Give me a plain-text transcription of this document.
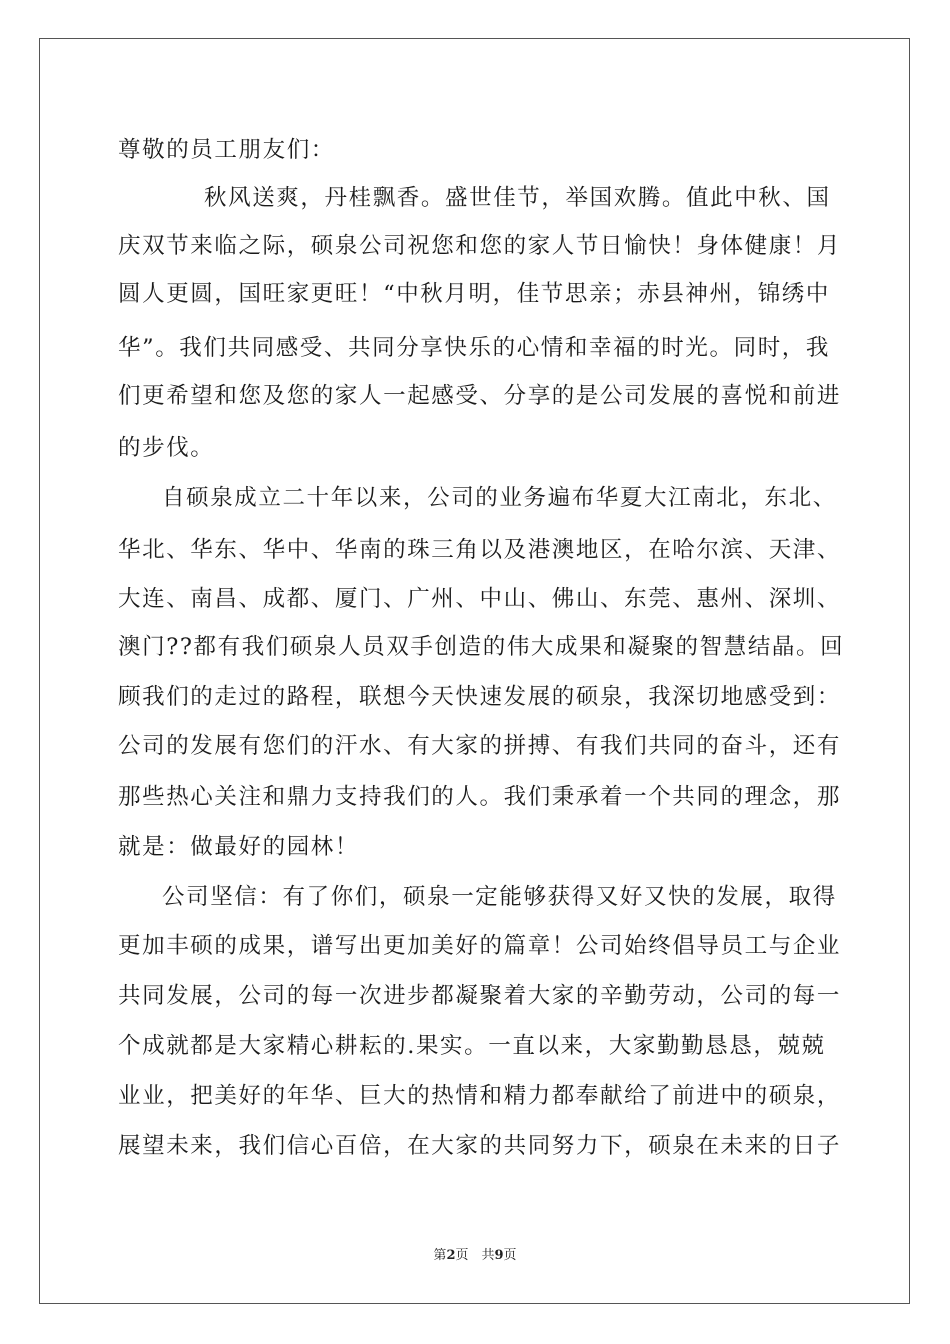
尊敬的员工朋友们：

秋风送爽，丹桂飘香。盛世佳节，举国欢腾。值此中秋、国

庆双节来临之际，硕泉公司祝您和您的家人节日愉快！身体健康！月

圆人更圆，国旺家更旺！“中秋月明，佳节思亲；赤县神州，锦绣中

华”。我们共同感受、共同分享快乐的心情和幸福的时光。同时，我

们更希望和您及您的家人一起感受、分享的是公司发展的喜悦和前进

的步伐。

自硕泉成立二十年以来，公司的业务遍布华夏大江南北，东北、

华北、华东、华中、华南的珠三角以及港澳地区，在哈尔滨、天津、

大连、南昌、成都、厦门、广州、中山、佛山、东莞、惠州、深圳、

澳门??都有我们硕泉人员双手创造的伟大成果和凝聚的智慧结晶。回

顾我们的走过的路程，联想今天快速发展的硕泉，我深切地感受到：

公司的发展有您们的汗水、有大家的拼搏、有我们共同的奋斗，还有

那些热心关注和鼎力支持我们的人。我们秉承着一个共同的理念，那

就是：做最好的园林！

公司坚信：有了你们，硕泉一定能够获得又好又快的发展，取得

更加丰硕的成果，谱写出更加美好的篇章！公司始终倡导员工与企业

共同发展，公司的每一次进步都凝聚着大家的辛勤劳动，公司的每一

个成就都是大家精心耕耘的.果实。一直以来，大家勤勤恳恳，兢兢

业业，把美好的年华、巨大的热情和精力都奉献给了前进中的硕泉，

展望未来，我们信心百倍，在大家的共同努力下，硕泉在未来的日子

第2页　共9页
